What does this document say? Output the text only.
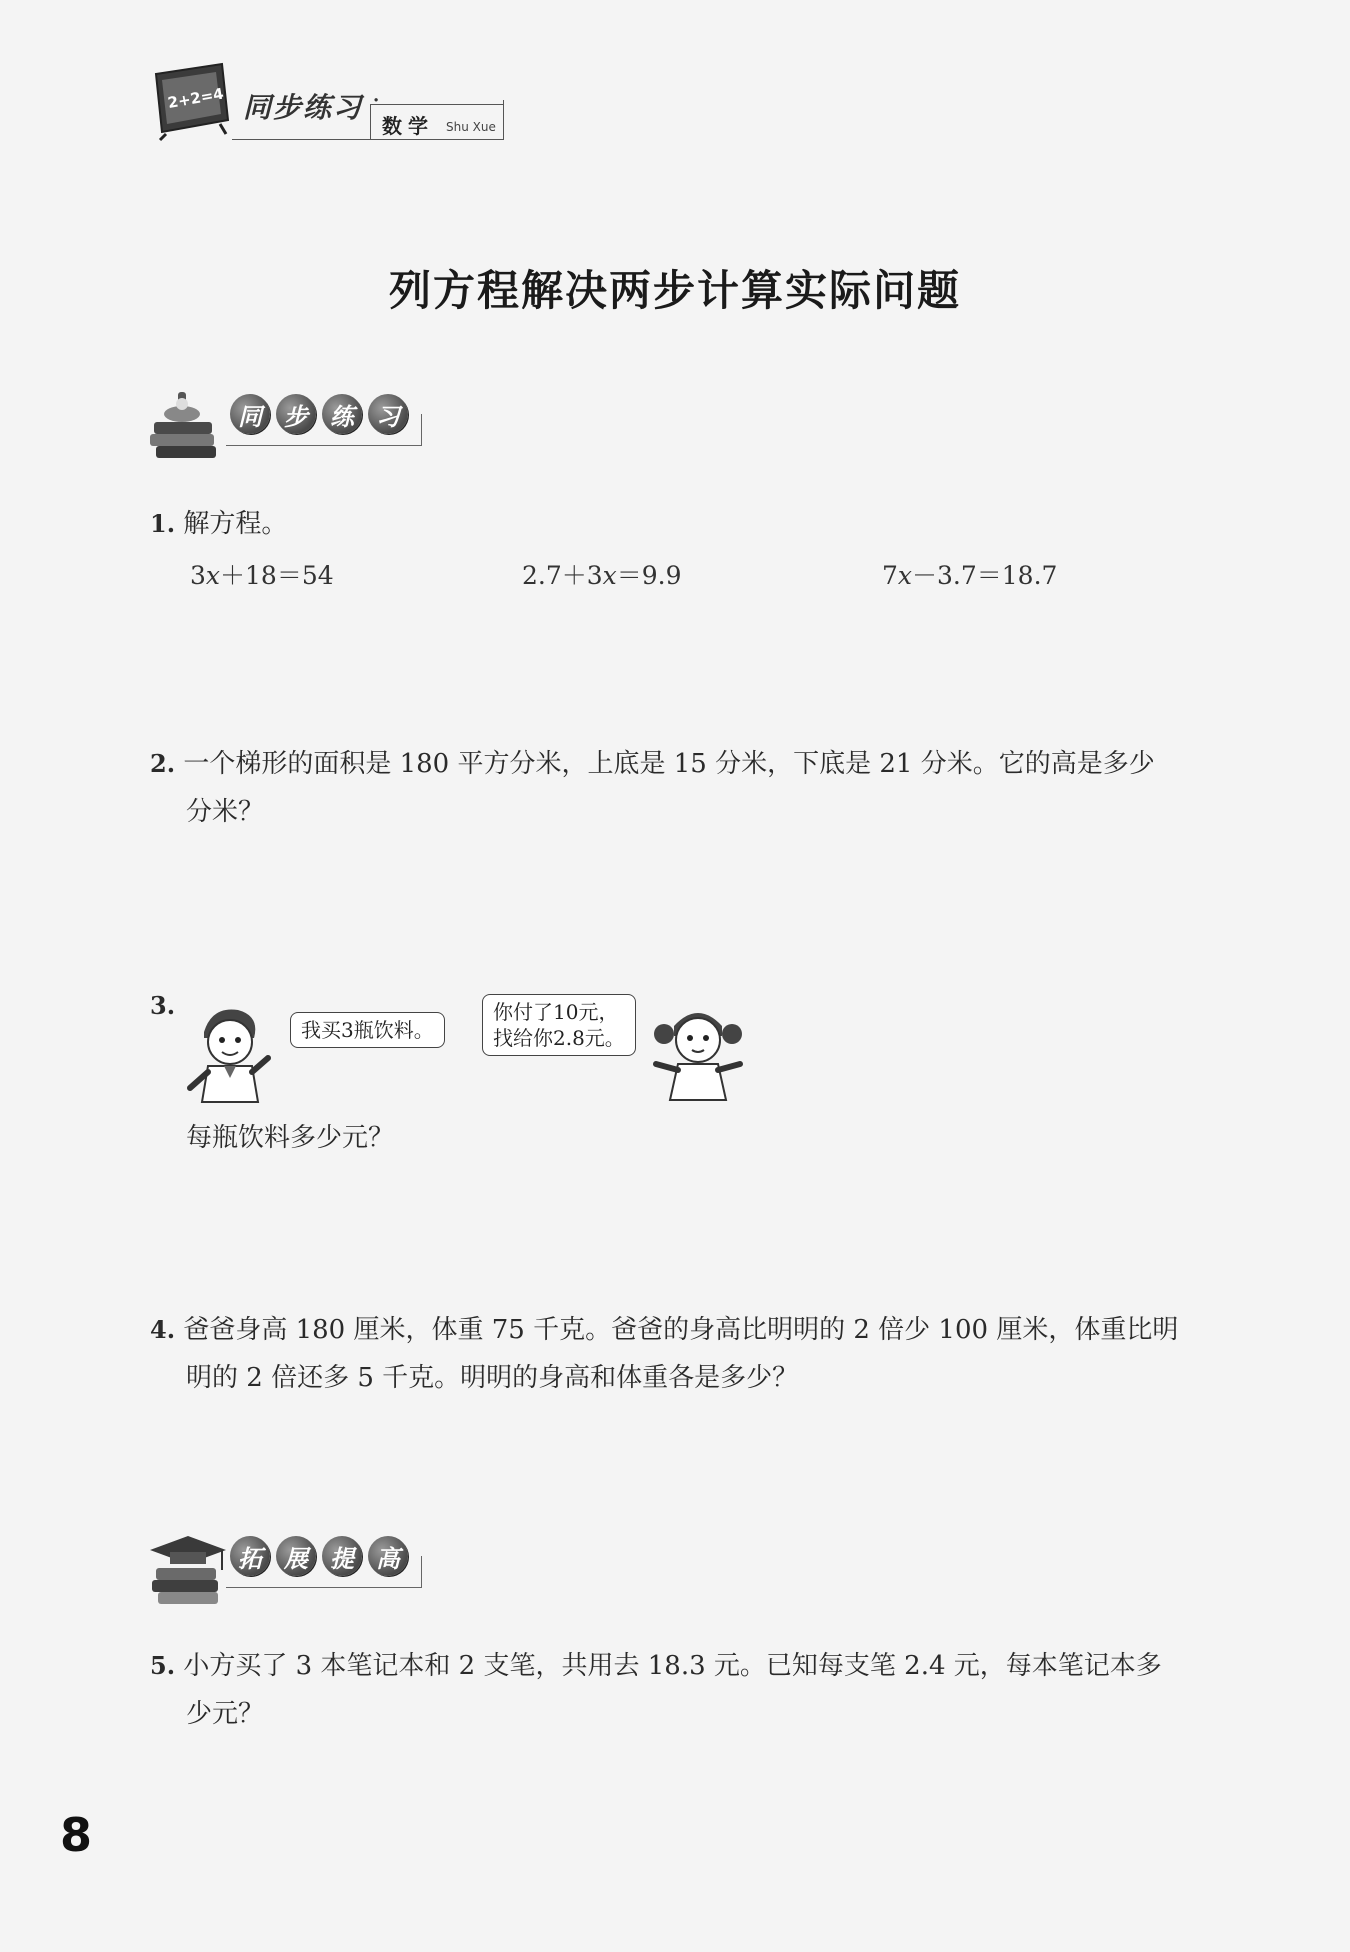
2+2=4 同步练习 ·
数学 Shu Xue
列方程解决两步计算实际问题
同 步 练 习
1. 解方程。
3x＋18＝54	2.7＋3x＝9.9	7x－3.7＝18.7
2. 一个梯形的面积是 180 平方分米，上底是 15 分米，下底是 21 分米。它的高是多少
分米？
3.
我买3瓶饮料。
你付了10元，
找给你2.8元。
每瓶饮料多少元？
4. 爸爸身高 180 厘米，体重 75 千克。爸爸的身高比明明的 2 倍少 100 厘米，体重比明
明的 2 倍还多 5 千克。明明的身高和体重各是多少？
拓 展 提 高
5. 小方买了 3 本笔记本和 2 支笔，共用去 18.3 元。已知每支笔 2.4 元，每本笔记本多
少元？
8
